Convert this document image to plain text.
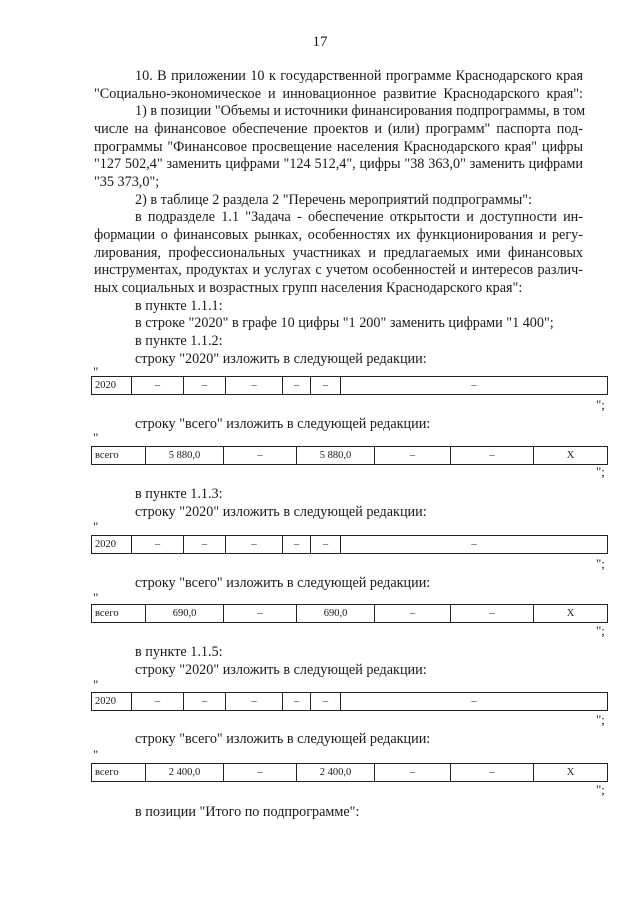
17
10. В приложении 10 к государственной программе Краснодарского края
"Социально-экономическое и инновационное развитие Краснодарского края":
1) в позиции "Объемы и источники финансирования подпрограммы, в том
числе на финансовое обеспечение проектов и (или) программ" паспорта под-
программы "Финансовое просвещение населения Краснодарского края" цифры
"127 502,4" заменить цифрами "124 512,4", цифры "38 363,0" заменить цифрами
"35 373,0";
2) в таблице 2 раздела 2 "Перечень мероприятий подпрограммы":
в подразделе 1.1 "Задача - обеспечение открытости и доступности ин-
формации о финансовых рынках, особенностях их функционирования и регу-
лирования, профессиональных участниках и предлагаемых ими финансовых
инструментах, продуктах и услугах с учетом особенностей и интересов различ-
ных социальных и возрастных групп населения Краснодарского края":
в пункте 1.1.1:
в строке "2020" в графе 10 цифры "1 200" заменить цифрами "1 400";
в пункте 1.1.2:
строку "2020" изложить в следующей редакции:
"
2020	–	–	–	–	–	–
";
строку "всего" изложить в следующей редакции:
"
всего	5 880,0	–	5 880,0	–	–	X
";
в пункте 1.1.3:
строку "2020" изложить в следующей редакции:
"
2020	–	–	–	–	–	–
";
строку "всего" изложить в следующей редакции:
"
всего	690,0	–	690,0	–	–	X
";
в пункте 1.1.5:
строку "2020" изложить в следующей редакции:
"
2020	–	–	–	–	–	–
";
строку "всего" изложить в следующей редакции:
"
всего	2 400,0	–	2 400,0	–	–	X
";
в позиции "Итого по подпрограмме":
